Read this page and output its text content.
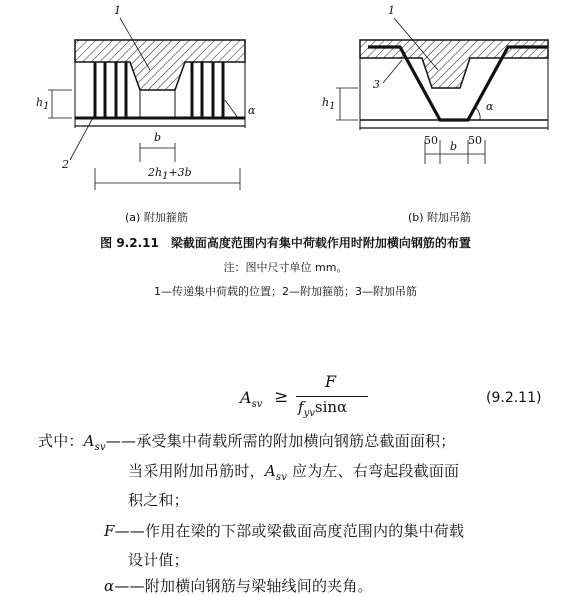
1
2
$h_1$	α
b
$2h_1+3b$
(a) 附加箍筋
1
3
$h_1$	α
50 b 50
(b) 附加吊筋
图 9.2.11　梁截面高度范围内有集中荷载作用时附加横向钢筋的布置
注：图中尺寸单位 mm。
1—传递集中荷载的位置；2—附加箍筋；3—附加吊筋
$A_{sv}$ ≥
F
$f_{yv}\sin\alpha$	(9.2.11)
式中：$A_{sv}——$承受集中荷载所需的附加横向钢筋总截面面积；
当采用附加吊筋时，$A_{sv}$ 应为左、右弯起段截面面
积之和；
F——作用在梁的下部或梁截面高度范围内的集中荷载
设计值；
α——附加横向钢筋与梁轴线间的夹角。
